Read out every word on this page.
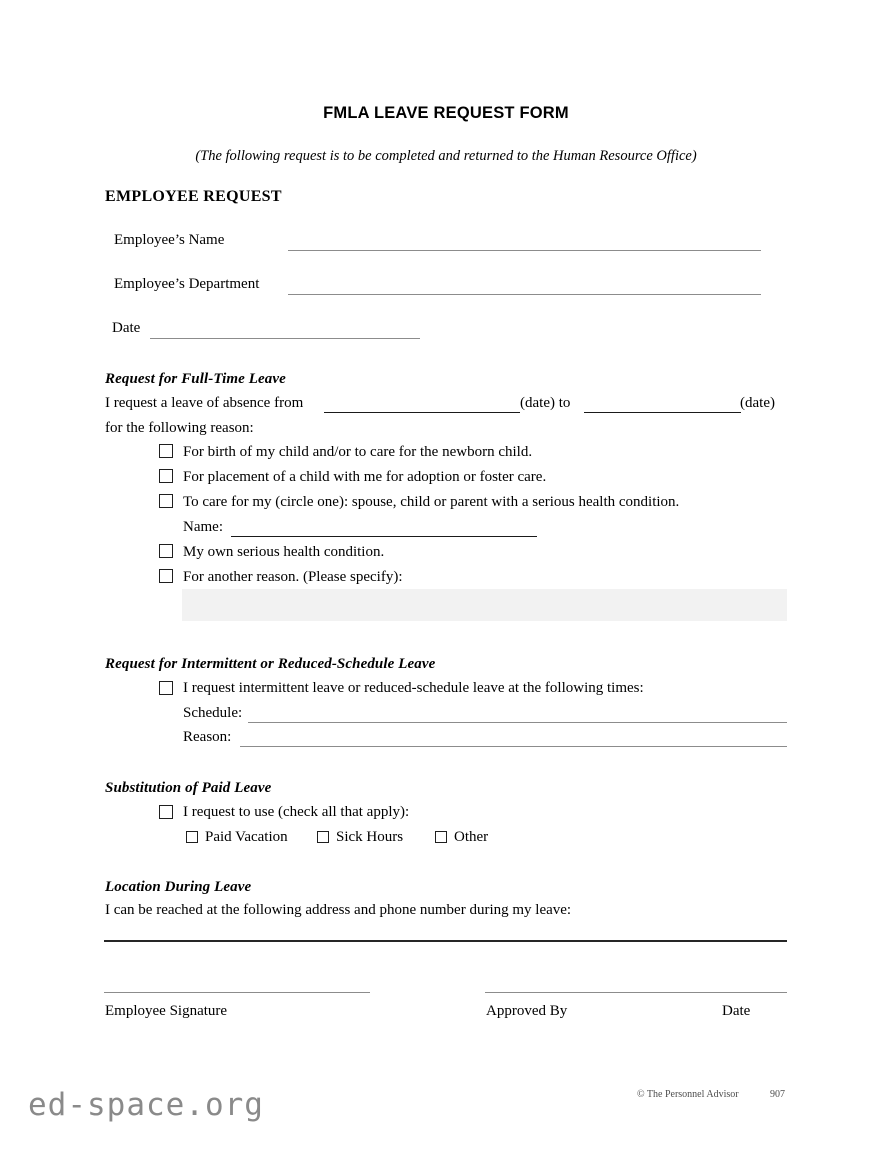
FMLA LEAVE REQUEST FORM
(The following request is to be completed and returned to the Human Resource Office)
EMPLOYEE REQUEST
Employee’s Name
Employee’s Department
Date
Request for Full-Time Leave
I request a leave of absence from	(date) to	(date)
for the following reason:
For birth of my child and/or to care for the newborn child.
For placement of a child with me for adoption or foster care.
To care for my (circle one): spouse, child or parent with a serious health condition.
Name:
My own serious health condition.
For another reason. (Please specify):
Request for Intermittent or Reduced-Schedule Leave
I request intermittent leave or reduced-schedule leave at the following times:
Schedule:
Reason:
Substitution of Paid Leave
I request to use (check all that apply):
Paid Vacation	Sick Hours	Other
Location During Leave
I can be reached at the following address and phone number during my leave:
Employee Signature	Approved By	Date
© The Personnel Advisor	907
ed-space.org
